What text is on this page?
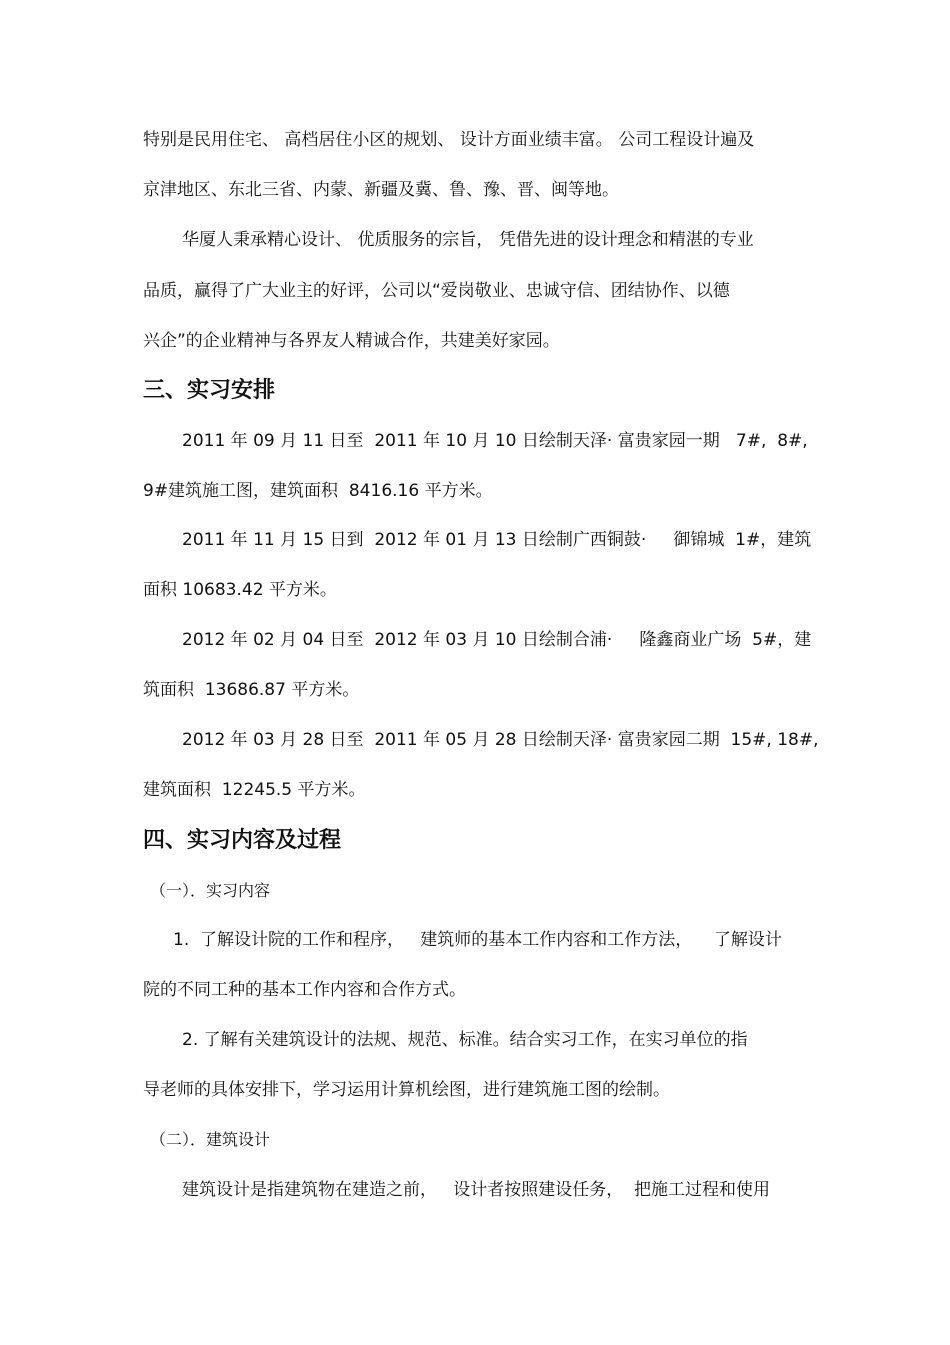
特别是民用住宅、 高档居住小区的规划、 设计方面业绩丰富。 公司工程设计遍及

京津地区、东北三省、内蒙、新疆及冀、鲁、豫、晋、闽等地。

华厦人秉承精心设计、 优质服务的宗旨， 凭借先进的设计理念和精湛的专业

品质，赢得了广大业主的好评，公司以“爱岗敬业、忠诚守信、团结协作、以德

兴企”的企业精神与各界友人精诚合作，共建美好家园。

三、实习安排

2011 年 09 月 11 日至  2011 年 10 月 10 日绘制天泽· 富贵家园一期   7#,  8#,

9#建筑施工图，建筑面积  8416.16 平方米。

2011 年 11 月 15 日到  2012 年 01 月 13 日绘制广西铜鼓·     御锦城  1#，建筑

面积 10683.42 平方米。

2012 年 02 月 04 日至  2012 年 03 月 10 日绘制合浦·     隆鑫商业广场  5#，建

筑面积  13686.87 平方米。

2012 年 03 月 28 日至  2011 年 05 月 28 日绘制天泽· 富贵家园二期  15#, 18#,

建筑面积  12245.5 平方米。

四、实习内容及过程

（一）．实习内容

1.  了解设计院的工作和程序，   建筑师的基本工作内容和工作方法，    了解设计

院的不同工种的基本工作内容和合作方式。

2. 了解有关建筑设计的法规、规范、标准。结合实习工作，在实习单位的指

导老师的具体安排下，学习运用计算机绘图，进行建筑施工图的绘制。

（二）．建筑设计

建筑设计是指建筑物在建造之前，   设计者按照建设任务，  把施工过程和使用
